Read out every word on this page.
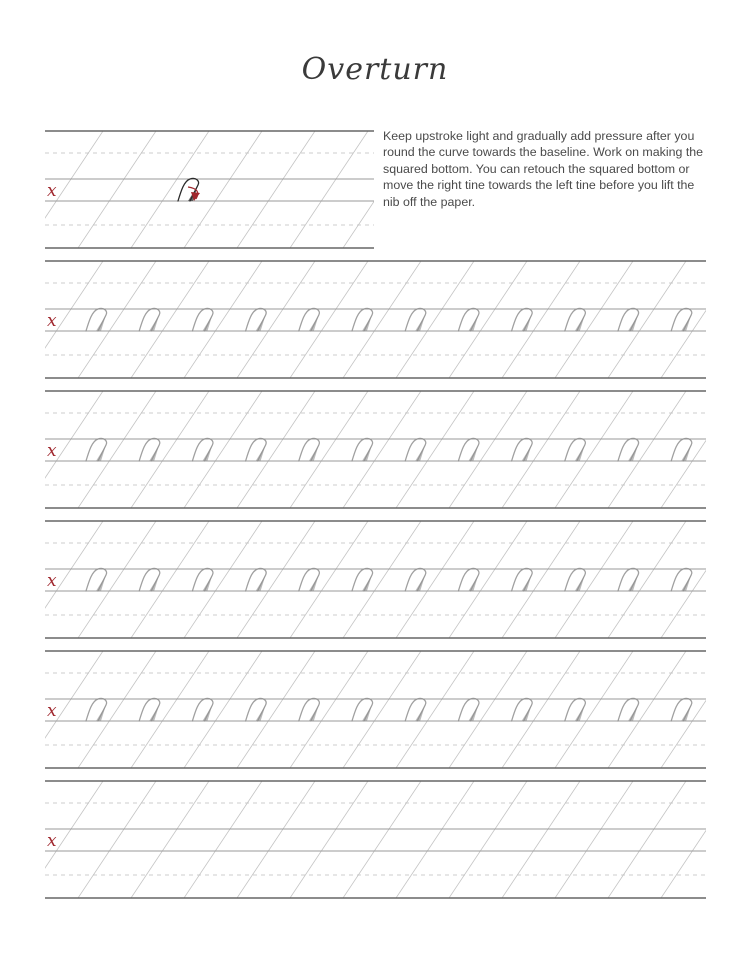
Overturn
Keep upstroke light and gradually add pressure after you round the curve towards the baseline. Work on making the squared bottom. You can retouch the squared bottom or move the right tine towards the left tine before you lift the nib off the paper.
x
x
x
x
x
x
